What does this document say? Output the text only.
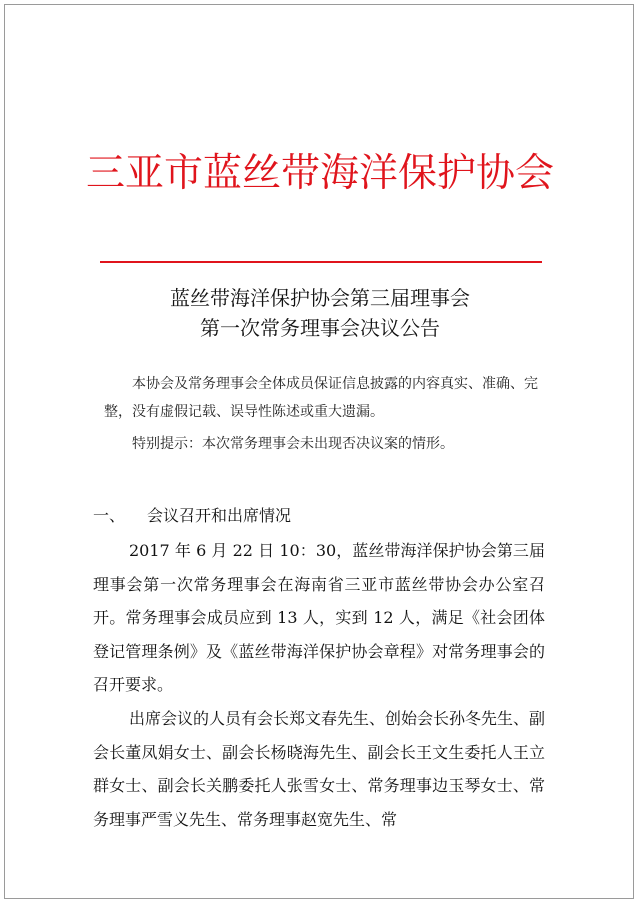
三亚市蓝丝带海洋保护协会
蓝丝带海洋保护协会第三届理事会
第一次常务理事会决议公告

本协会及常务理事会全体成员保证信息披露的内容真实、准确、完整，没有虚假记载、误导性陈述或重大遗漏。

特别提示：本次常务理事会未出现否决议案的情形。

一、 会议召开和出席情况

2017 年 6 月 22 日 10：30，蓝丝带海洋保护协会第三届理事会第一次常务理事会在海南省三亚市蓝丝带协会办公室召开。常务理事会成员应到 13 人，实到 12 人，满足《社会团体登记管理条例》及《蓝丝带海洋保护协会章程》对常务理事会的召开要求。

出席会议的人员有会长郑文春先生、创始会长孙冬先生、副会长董凤娟女士、副会长杨晓海先生、副会长王文生委托人王立群女士、副会长关鹏委托人张雪女士、常务理事边玉琴女士、常务理事严雪义先生、常务理事赵宽先生、常
